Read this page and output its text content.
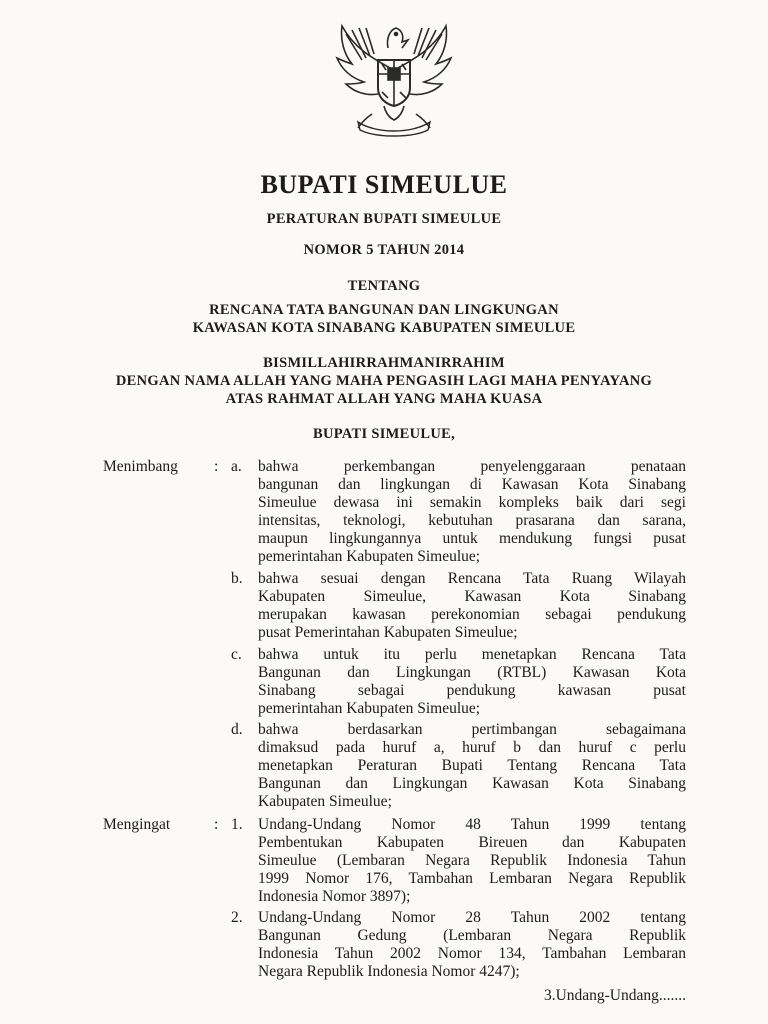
BUPATI SIMEULUE
PERATURAN BUPATI SIMEULUE
NOMOR 5 TAHUN 2014
TENTANG
RENCANA TATA BANGUNAN DAN LINGKUNGAN
KAWASAN KOTA SINABANG KABUPATEN SIMEULUE
BISMILLAHIRRAHMANIRRAHIM
DENGAN NAMA ALLAH YANG MAHA PENGASIH LAGI MAHA PENYAYANG
ATAS RAHMAT ALLAH YANG MAHA KUASA
BUPATI SIMEULUE,
Menimbang : a. bahwa perkembangan penyelenggaraan penataan
bangunan dan lingkungan di Kawasan Kota Sinabang
Simeulue dewasa ini semakin kompleks baik dari segi
intensitas, teknologi, kebutuhan prasarana dan sarana,
maupun lingkungannya untuk mendukung fungsi pusat
pemerintahan Kabupaten Simeulue;
b. bahwa sesuai dengan Rencana Tata Ruang Wilayah
Kabupaten Simeulue, Kawasan Kota Sinabang
merupakan kawasan perekonomian sebagai pendukung
pusat Pemerintahan Kabupaten Simeulue;
c. bahwa untuk itu perlu menetapkan Rencana Tata
Bangunan dan Lingkungan (RTBL) Kawasan Kota
Sinabang sebagai pendukung kawasan pusat
pemerintahan Kabupaten Simeulue;
d. bahwa berdasarkan pertimbangan sebagaimana
dimaksud pada huruf a, huruf b dan huruf c perlu
menetapkan Peraturan Bupati Tentang Rencana Tata
Bangunan dan Lingkungan Kawasan Kota Sinabang
Kabupaten Simeulue;
Mengingat	: 1. Undang-Undang Nomor 48 Tahun 1999 tentang
Pembentukan Kabupaten Bireuen dan Kabupaten
Simeulue (Lembaran Negara Republik Indonesia Tahun
1999 Nomor 176, Tambahan Lembaran Negara Republik
Indonesia Nomor 3897);
2. Undang-Undang Nomor 28 Tahun 2002 tentang
Bangunan Gedung (Lembaran Negara Republik
Indonesia Tahun 2002 Nomor 134, Tambahan Lembaran
Negara Republik Indonesia Nomor 4247);
3.Undang-Undang.......
